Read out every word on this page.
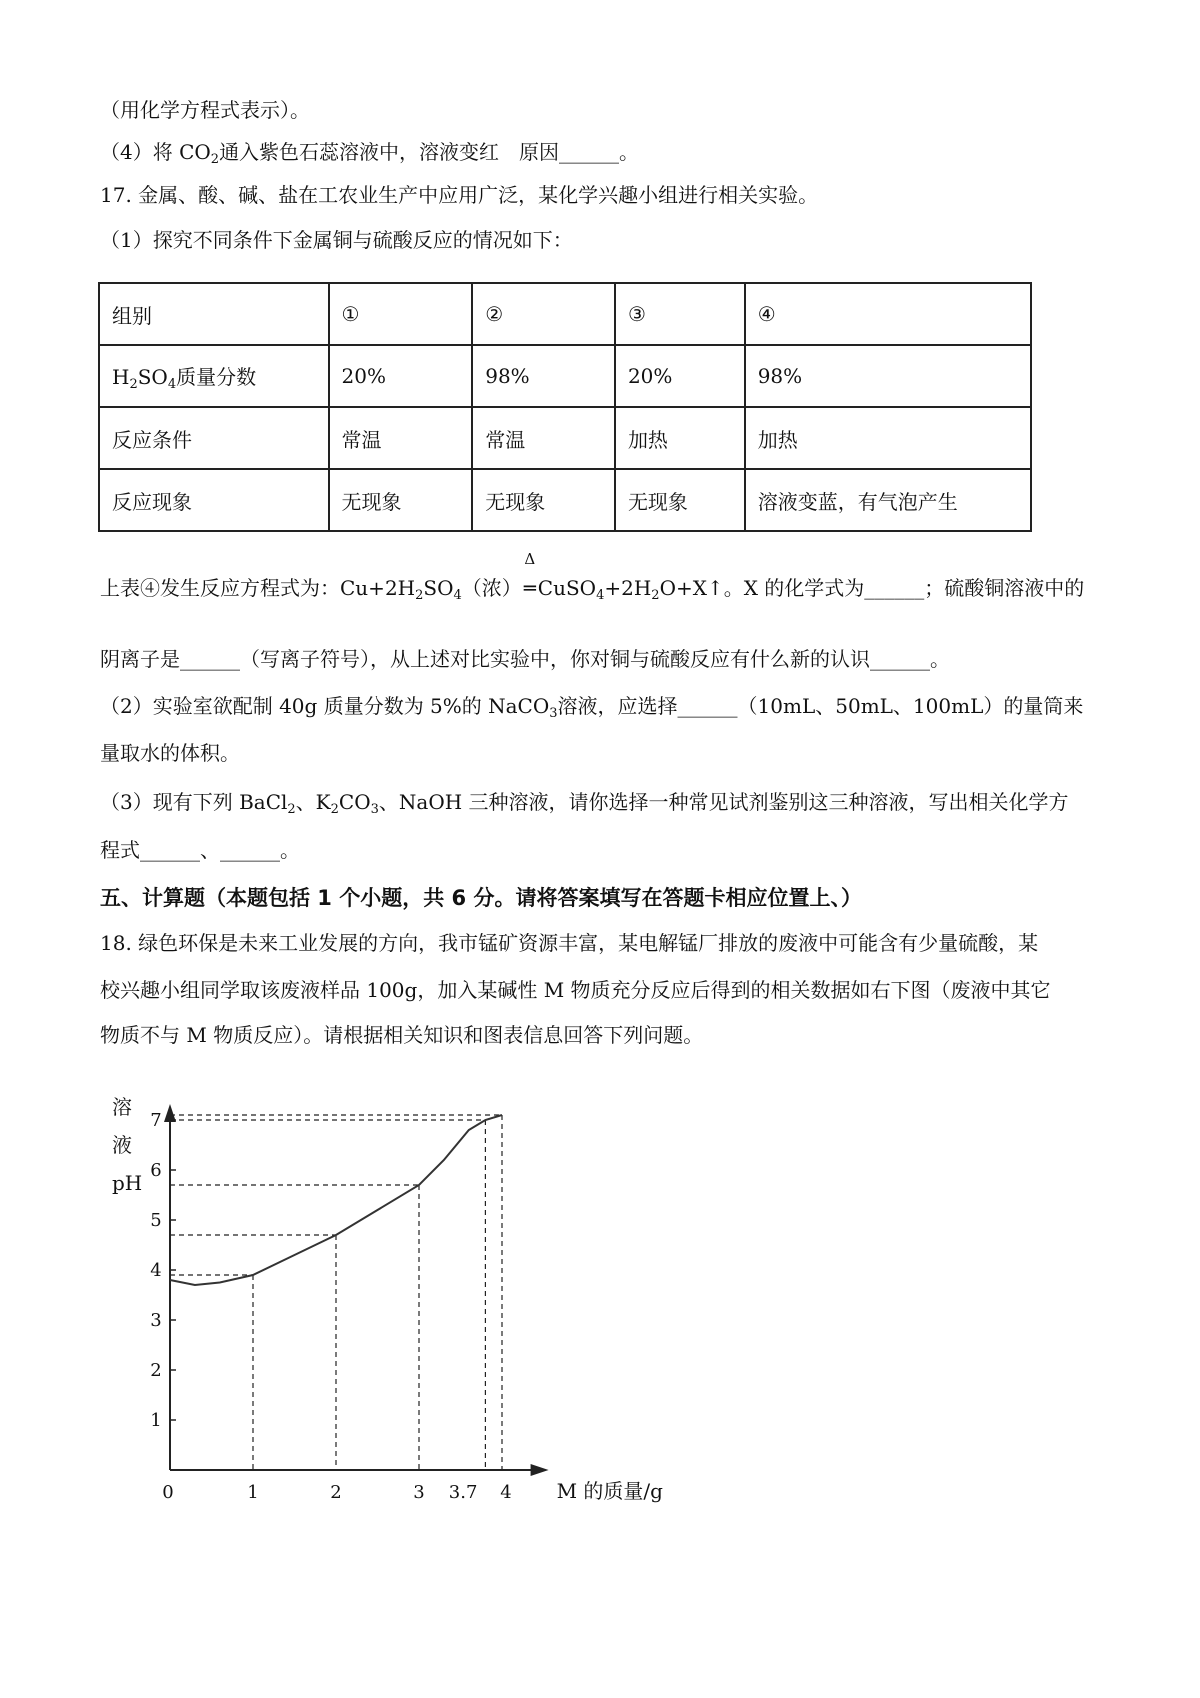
（用化学方程式表示）。
（4）将 $CO_2$通入紫色石蕊溶液中，溶液变红　原因______。
17. 金属、酸、碱、盐在工农业生产中应用广泛，某化学兴趣小组进行相关实验。
（1）探究不同条件下金属铜与硫酸反应的情况如下：
组别	①	②	③	④
$H_2SO_4$质量分数	20%	98%	20%	98%
反应条件	常温	常温	加热	加热
反应现象	无现象	无现象	无现象	溶液变蓝，有气泡产生
上表④发生反应方程式为：$Cu+2H_2SO_4$（浓）
Δ
$═CuSO_4+2H_2O+X↑$。X 的化学式为______；硫酸铜溶液中的
阴离子是______（写离子符号），从上述对比实验中，你对铜与硫酸反应有什么新的认识______。
（2）实验室欲配制 40g 质量分数为 5%的 NaCO$_3$溶液，应选择______（10mL、50mL、100mL）的量筒来
量取水的体积。
（3）现有下列 BaCl$_2$、$K_2CO_3$、NaOH 三种溶液，请你选择一种常见试剂鉴别这三种溶液，写出相关化学方
程式______、______。
五、计算题（本题包括 1 个小题，共 6 分。请将答案填写在答题卡相应位置上、）
18. 绿色环保是未来工业发展的方向，我市锰矿资源丰富，某电解锰厂排放的废液中可能含有少量硫酸，某
校兴趣小组同学取该废液样品 100g，加入某碱性 M 物质充分反应后得到的相关数据如右下图（废液中其它
物质不与 M 物质反应）。请根据相关知识和图表信息回答下列问题。
溶
液
pH
1
2
3
4
5
6
7
0	1	2	3 3.7 4 M 的质量/g
